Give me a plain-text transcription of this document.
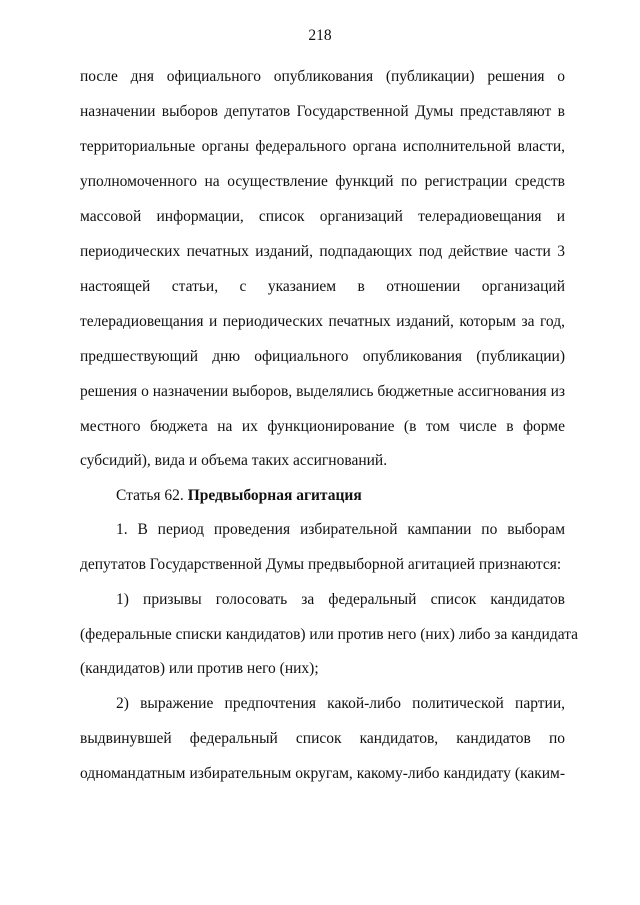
218
после дня официального опубликования (публикации) решения о
назначении выборов депутатов Государственной Думы представляют в
территориальные органы федерального органа исполнительной власти,
уполномоченного на осуществление функций по регистрации средств
массовой информации, список организаций телерадиовещания и
периодических печатных изданий, подпадающих под действие части 3
настоящей статьи, с указанием в отношении организаций
телерадиовещания и периодических печатных изданий, которым за год,
предшествующий дню официального опубликования (публикации)
решения о назначении выборов, выделялись бюджетные ассигнования из
местного бюджета на их функционирование (в том числе в форме
субсидий), вида и объема таких ассигнований.
Статья 62. Предвыборная агитация
1. В период проведения избирательной кампании по выборам
депутатов Государственной Думы предвыборной агитацией признаются:
1) призывы голосовать за федеральный список кандидатов
(федеральные списки кандидатов) или против него (них) либо за кандидата
(кандидатов) или против него (них);
2) выражение предпочтения какой-либо политической партии,
выдвинувшей федеральный список кандидатов, кандидатов по
одномандатным избирательным округам, какому-либо кандидату (каким-
